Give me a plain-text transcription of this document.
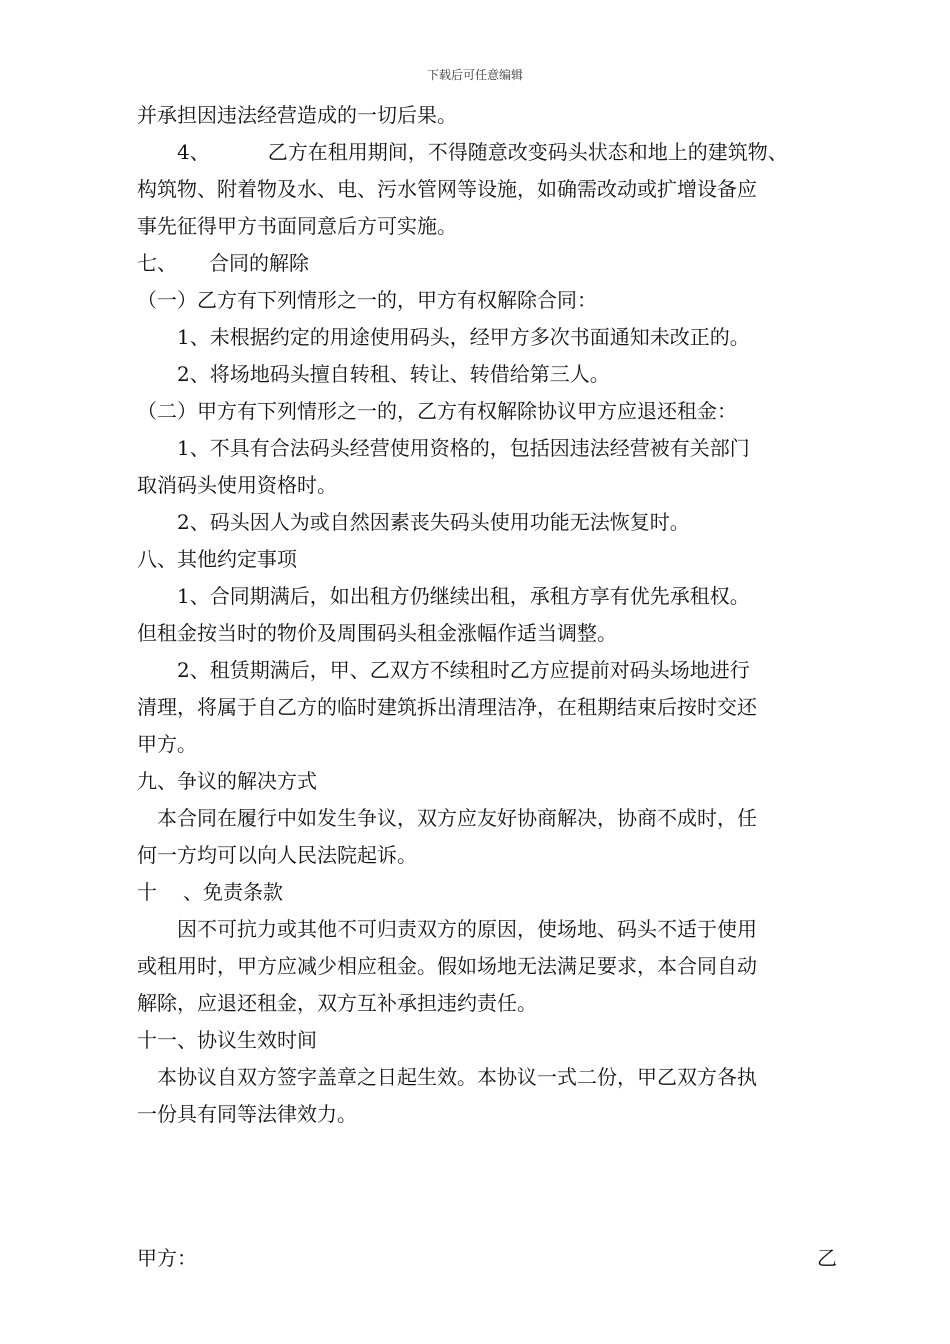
下载后可任意编辑
并承担因违法经营造成的一切后果。
4、	乙方在租用期间，不得随意改变码头状态和地上的建筑物、
构筑物、附着物及水、电、污水管网等设施，如确需改动或扩增设备应
事先征得甲方书面同意后方可实施。
七、 合同的解除
（一）乙方有下列情形之一的，甲方有权解除合同：
1、未根据约定的用途使用码头，经甲方多次书面通知未改正的。
2、将场地码头擅自转租、转让、转借给第三人。
（二）甲方有下列情形之一的，乙方有权解除协议甲方应退还租金：
1、不具有合法码头经营使用资格的，包括因违法经营被有关部门
取消码头使用资格时。
2、码头因人为或自然因素丧失码头使用功能无法恢复时。
八、其他约定事项
1、合同期满后，如出租方仍继续出租，承租方享有优先承租权。
但租金按当时的物价及周围码头租金涨幅作适当调整。
2、租赁期满后，甲、乙双方不续租时乙方应提前对码头场地进行
清理，将属于自乙方的临时建筑拆出清理洁净，在租期结束后按时交还
甲方。
九、争议的解决方式
本合同在履行中如发生争议，双方应友好协商解决，协商不成时，任
何一方均可以向人民法院起诉。
十 、免责条款
因不可抗力或其他不可归责双方的原因，使场地、码头不适于使用
或租用时，甲方应减少相应租金。假如场地无法满足要求，本合同自动
解除，应退还租金，双方互补承担违约责任。
十一、协议生效时间
本协议自双方签字盖章之日起生效。本协议一式二份，甲乙双方各执
一份具有同等法律效力。
甲方：	乙
